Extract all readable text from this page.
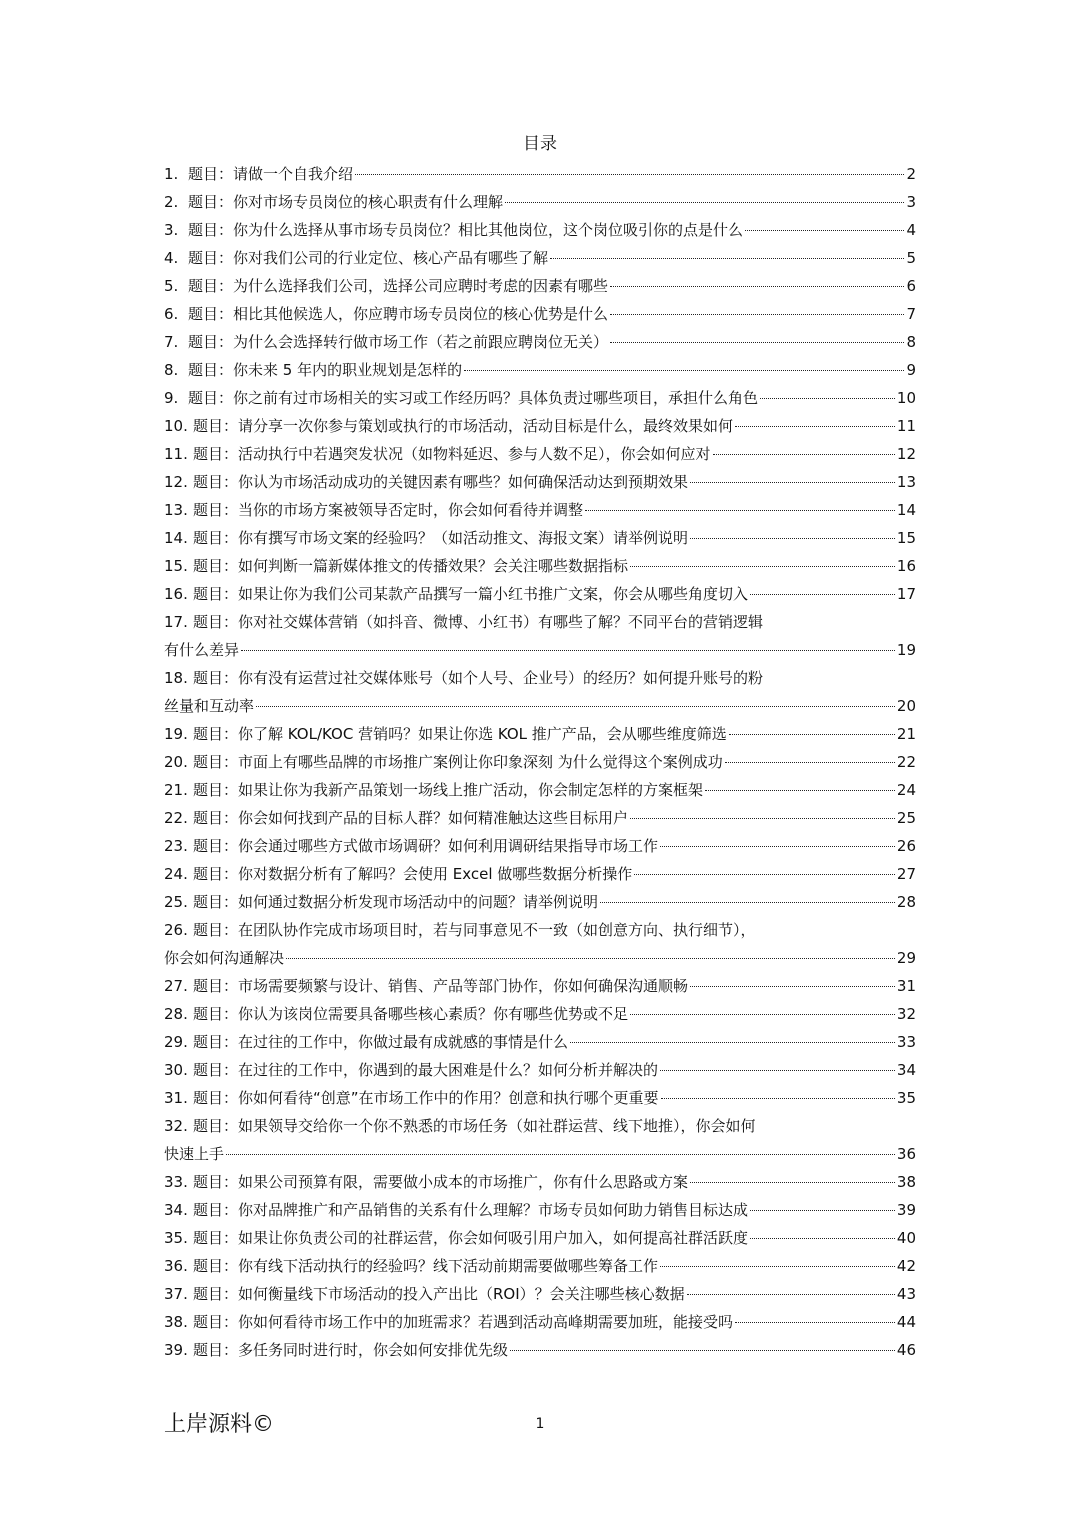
目录
1. 题目：请做一个自我介绍	2
2. 题目：你对市场专员岗位的核心职责有什么理解	3
3. 题目：你为什么选择从事市场专员岗位？相比其他岗位，这个岗位吸引你的点是什么	4
4. 题目：你对我们公司的行业定位、核心产品有哪些了解	5
5. 题目：为什么选择我们公司，选择公司应聘时考虑的因素有哪些	6
6. 题目：相比其他候选人，你应聘市场专员岗位的核心优势是什么	7
7. 题目：为什么会选择转行做市场工作（若之前跟应聘岗位无关）	8
8. 题目：你未来 5 年内的职业规划是怎样的	9
9. 题目：你之前有过市场相关的实习或工作经历吗？具体负责过哪些项目，承担什么角色	10
10. 题目：请分享一次你参与策划或执行的市场活动，活动目标是什么，最终效果如何	11
11. 题目：活动执行中若遇突发状况（如物料延迟、参与人数不足），你会如何应对	12
12. 题目：你认为市场活动成功的关键因素有哪些？如何确保活动达到预期效果	13
13. 题目：当你的市场方案被领导否定时，你会如何看待并调整	14
14. 题目：你有撰写市场文案的经验吗？（如活动推文、海报文案）请举例说明	15
15. 题目：如何判断一篇新媒体推文的传播效果？会关注哪些数据指标	16
16. 题目：如果让你为我们公司某款产品撰写一篇小红书推广文案，你会从哪些角度切入	17
17. 题目：你对社交媒体营销（如抖音、微博、小红书）有哪些了解？不同平台的营销逻辑
有什么差异	19
18. 题目：你有没有运营过社交媒体账号（如个人号、企业号）的经历？如何提升账号的粉
丝量和互动率	20
19. 题目：你了解 KOL/KOC 营销吗？如果让你选 KOL 推广产品，会从哪些维度筛选	21
20. 题目：市面上有哪些品牌的市场推广案例让你印象深刻 为什么觉得这个案例成功	22
21. 题目：如果让你为我新产品策划一场线上推广活动，你会制定怎样的方案框架	24
22. 题目：你会如何找到产品的目标人群？如何精准触达这些目标用户	25
23. 题目：你会通过哪些方式做市场调研？如何利用调研结果指导市场工作	26
24. 题目：你对数据分析有了解吗？会使用 Excel 做哪些数据分析操作	27
25. 题目：如何通过数据分析发现市场活动中的问题？请举例说明	28
26. 题目：在团队协作完成市场项目时，若与同事意见不一致（如创意方向、执行细节），
你会如何沟通解决	29
27. 题目：市场需要频繁与设计、销售、产品等部门协作，你如何确保沟通顺畅	31
28. 题目：你认为该岗位需要具备哪些核心素质？你有哪些优势或不足	32
29. 题目：在过往的工作中，你做过最有成就感的事情是什么	33
30. 题目：在过往的工作中，你遇到的最大困难是什么？如何分析并解决的	34
31. 题目：你如何看待“创意”在市场工作中的作用？创意和执行哪个更重要	35
32. 题目：如果领导交给你一个你不熟悉的市场任务（如社群运营、线下地推），你会如何
快速上手	36
33. 题目：如果公司预算有限，需要做小成本的市场推广，你有什么思路或方案	38
34. 题目：你对品牌推广和产品销售的关系有什么理解？市场专员如何助力销售目标达成	39
35. 题目：如果让你负责公司的社群运营，你会如何吸引用户加入，如何提高社群活跃度	40
36. 题目：你有线下活动执行的经验吗？线下活动前期需要做哪些筹备工作	42
37. 题目：如何衡量线下市场活动的投入产出比（ROI）？会关注哪些核心数据	43
38. 题目：你如何看待市场工作中的加班需求？若遇到活动高峰期需要加班，能接受吗	44
39. 题目：多任务同时进行时，你会如何安排优先级	46
上岸源料©	1
